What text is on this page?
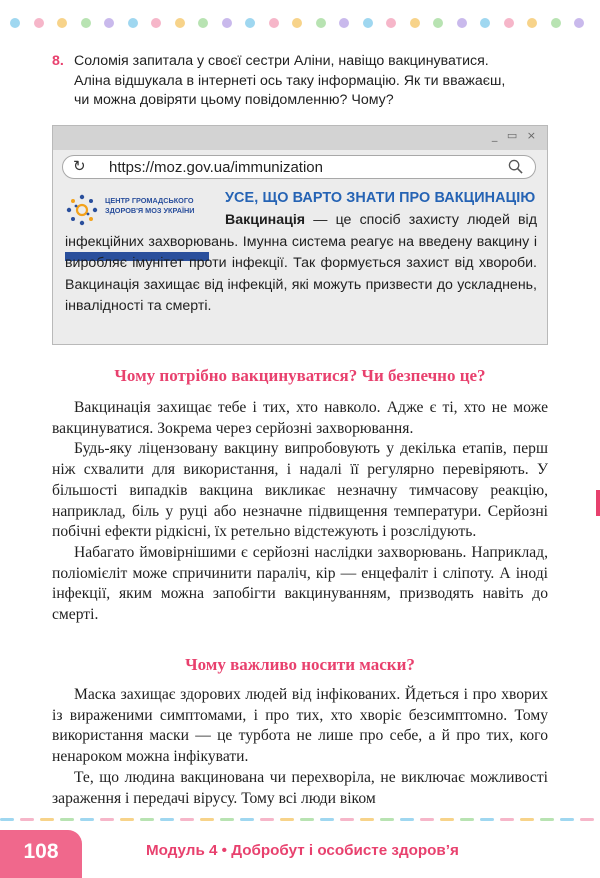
8. Соломія запитала у своєї сестри Аліни, навіщо вакцинуватися.
Аліна відшукала в інтернеті ось таку інформацію. Як ти вважаєш,
чи можна довіряти цьому повідомленню? Чому?
_ ▭ ×
↻ https://moz.gov.ua/immunization
ЦЕНТР ГРОМАДСЬКОГО
ЗДОРОВ'Я МОЗ УКРАЇНИ
УСЕ, ЩО ВАРТО ЗНАТИ ПРО ВАКЦИНАЦІЮ
Вакцинація — це спосіб захисту людей від інфекційних захворювань. Імунна система реагує на введену вакцину і виробляє імунітет проти інфекції. Так формується захист від хвороби. Вакцинація захищає від інфекцій, які можуть призвести до ускладнень, інвалідності та смерті.
Чому потрібно вакцинуватися? Чи безпечно це?

Вакцинація захищає тебе і тих, хто навколо. Адже є ті, хто не може вакцинуватися. Зокрема через серйозні захворювання.

Будь-яку ліцензовану вакцину випробовують у декілька етапів, перш ніж схвалити для використання, і надалі її регулярно перевіряють. У більшості випадків вакцина викликає незначну тимчасову реакцію, наприклад, біль у руці або незначне підвищення температури. Серйозні побічні ефекти рідкісні, їх ретельно відстежують і розслідують.

Набагато ймовірнішими є серйозні наслідки захворювань. Наприклад, поліомієліт може спричинити параліч, кір — енцефаліт і сліпоту. А іноді інфекції, яким можна запобігти вакцинуванням, призводять навіть до смерті.

Чому важливо носити маски?

Маска захищає здорових людей від інфікованих. Йдеться і про хворих із вираженими симптомами, і про тих, хто хворіє безсимптомно. Тому використання маски — це турбота не лише про себе, а й про тих, кого ненароком можна інфікувати.

Те, що людина вакцинована чи перехворіла, не виключає можливості зараження і передачі вірусу. Тому всі люди віком

108	Модуль 4 • Добробут і особисте здоров’я
